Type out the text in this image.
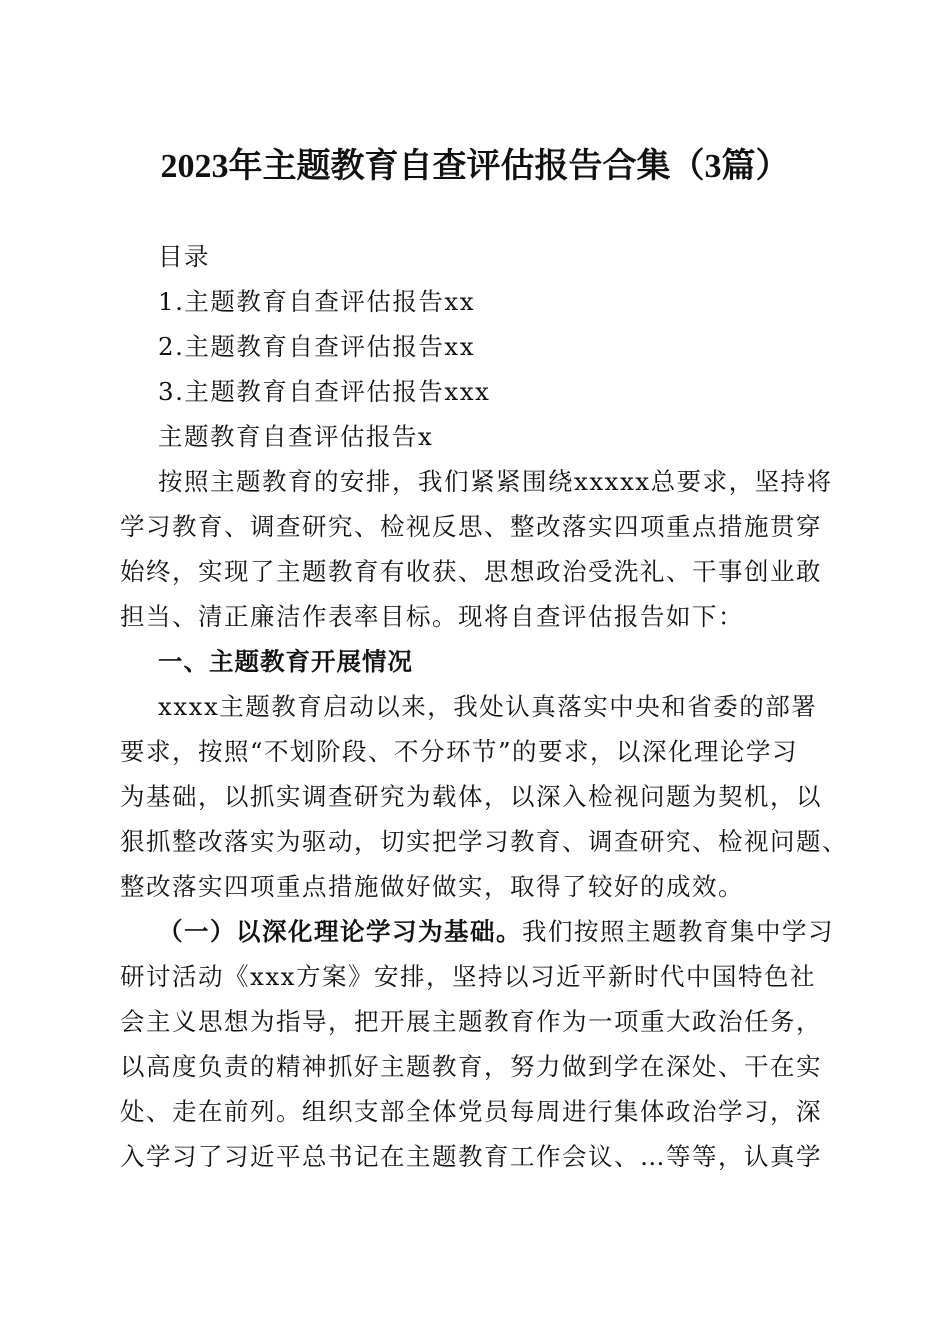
2023年主题教育自查评估报告合集（3篇）
目录
1.主题教育自查评估报告xx
2.主题教育自查评估报告xx
3.主题教育自查评估报告xxx
主题教育自查评估报告x
按照主题教育的安排，我们紧紧围绕xxxxx总要求，坚持将
学习教育、调查研究、检视反思、整改落实四项重点措施贯穿
始终，实现了主题教育有收获、思想政治受洗礼、干事创业敢
担当、清正廉洁作表率目标。现将自查评估报告如下：
一、主题教育开展情况
xxxx主题教育启动以来，我处认真落实中央和省委的部署
要求，按照“不划阶段、不分环节”的要求，以深化理论学习
为基础，以抓实调查研究为载体，以深入检视问题为契机，以
狠抓整改落实为驱动，切实把学习教育、调查研究、检视问题、
整改落实四项重点措施做好做实，取得了较好的成效。
（一）以深化理论学习为基础。我们按照主题教育集中学习
研讨活动《xxx方案》安排，坚持以习近平新时代中国特色社
会主义思想为指导，把开展主题教育作为一项重大政治任务，
以高度负责的精神抓好主题教育，努力做到学在深处、干在实
处、走在前列。组织支部全体党员每周进行集体政治学习，深
入学习了习近平总书记在主题教育工作会议、…等等，认真学
